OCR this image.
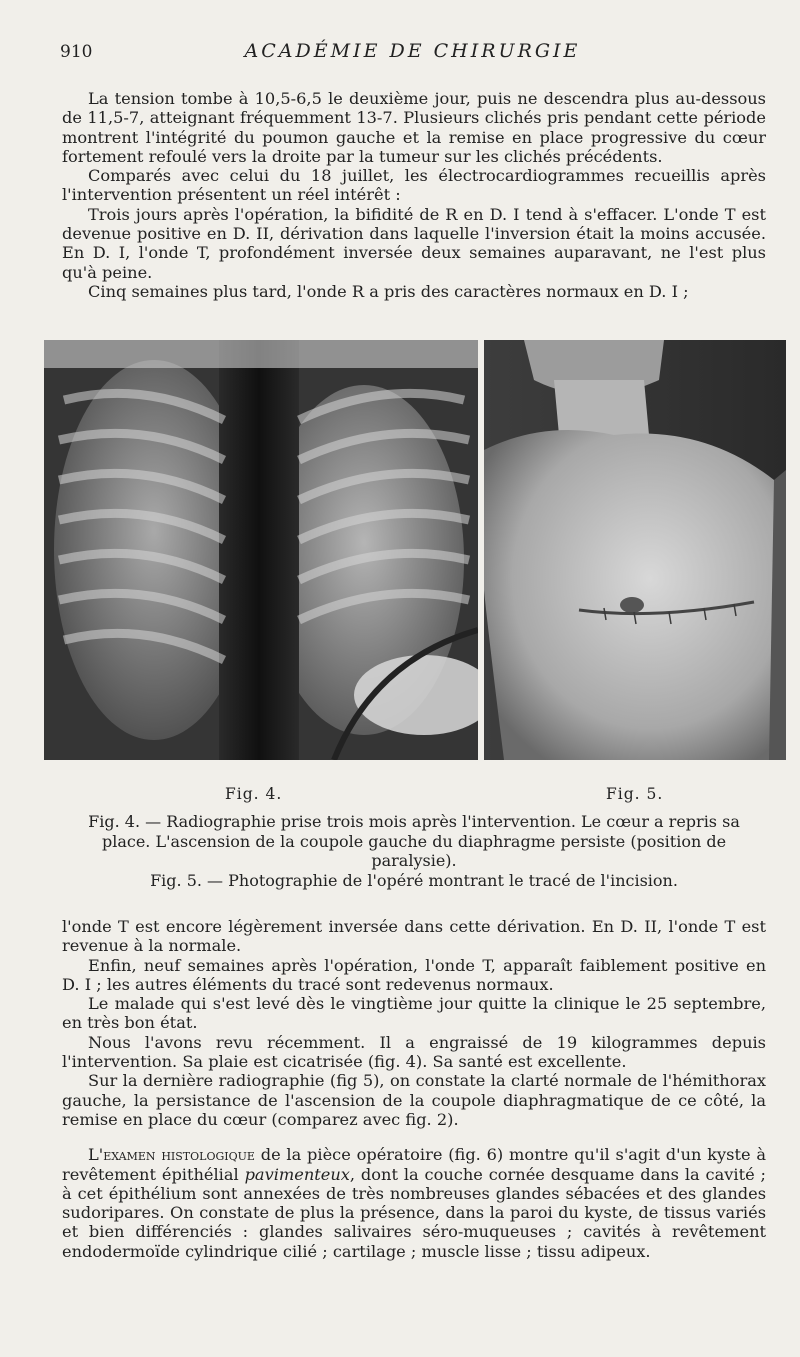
910	ACADÉMIE DE CHIRURGIE

La tension tombe à 10,5-6,5 le deuxième jour, puis ne descendra plus au-dessous de 11,5-7, atteignant fréquemment 13-7. Plusieurs clichés pris pendant cette période montrent l'intégrité du poumon gauche et la remise en place progressive du cœur fortement refoulé vers la droite par la tumeur sur les clichés précédents.

Comparés avec celui du 18 juillet, les électrocardiogrammes recueillis après l'intervention présentent un réel intérêt :

Trois jours après l'opération, la bifidité de R en D. I tend à s'effacer. L'onde T est devenue positive en D. II, dérivation dans laquelle l'inversion était la moins accusée. En D. I, l'onde T, profondément inversée deux semaines auparavant, ne l'est plus qu'à peine.

Cinq semaines plus tard, l'onde R a pris des caractères normaux en D. I ;

Fig. 4.	Fig. 5.

Fig. 4. — Radiographie prise trois mois après l'intervention. Le cœur a repris sa place. L'ascension de la coupole gauche du diaphragme persiste (position de paralysie).

Fig. 5. — Photographie de l'opéré montrant le tracé de l'incision.

l'onde T est encore légèrement inversée dans cette dérivation. En D. II, l'onde T est revenue à la normale.

Enfin, neuf semaines après l'opération, l'onde T, apparaît faiblement positive en D. I ; les autres éléments du tracé sont redevenus normaux.

Le malade qui s'est levé dès le vingtième jour quitte la clinique le 25 septembre, en très bon état.

Nous l'avons revu récemment. Il a engraissé de 19 kilogrammes depuis l'intervention. Sa plaie est cicatrisée (fig. 4). Sa santé est excellente.

Sur la dernière radiographie (fig 5), on constate la clarté normale de l'hémithorax gauche, la persistance de l'ascension de la coupole diaphragmatique de ce côté, la remise en place du cœur (comparez avec fig. 2).

L'examen histologique de la pièce opératoire (fig. 6) montre qu'il s'agit d'un kyste à revêtement épithélial pavimenteux, dont la couche cornée desquame dans la cavité ; à cet épithélium sont annexées de très nombreuses glandes sébacées et des glandes sudoripares. On constate de plus la présence, dans la paroi du kyste, de tissus variés et bien différenciés : glandes salivaires séro-muqueuses ; cavités à revêtement endodermoïde cylindrique cilié ; cartilage ; muscle lisse ; tissu adipeux.
